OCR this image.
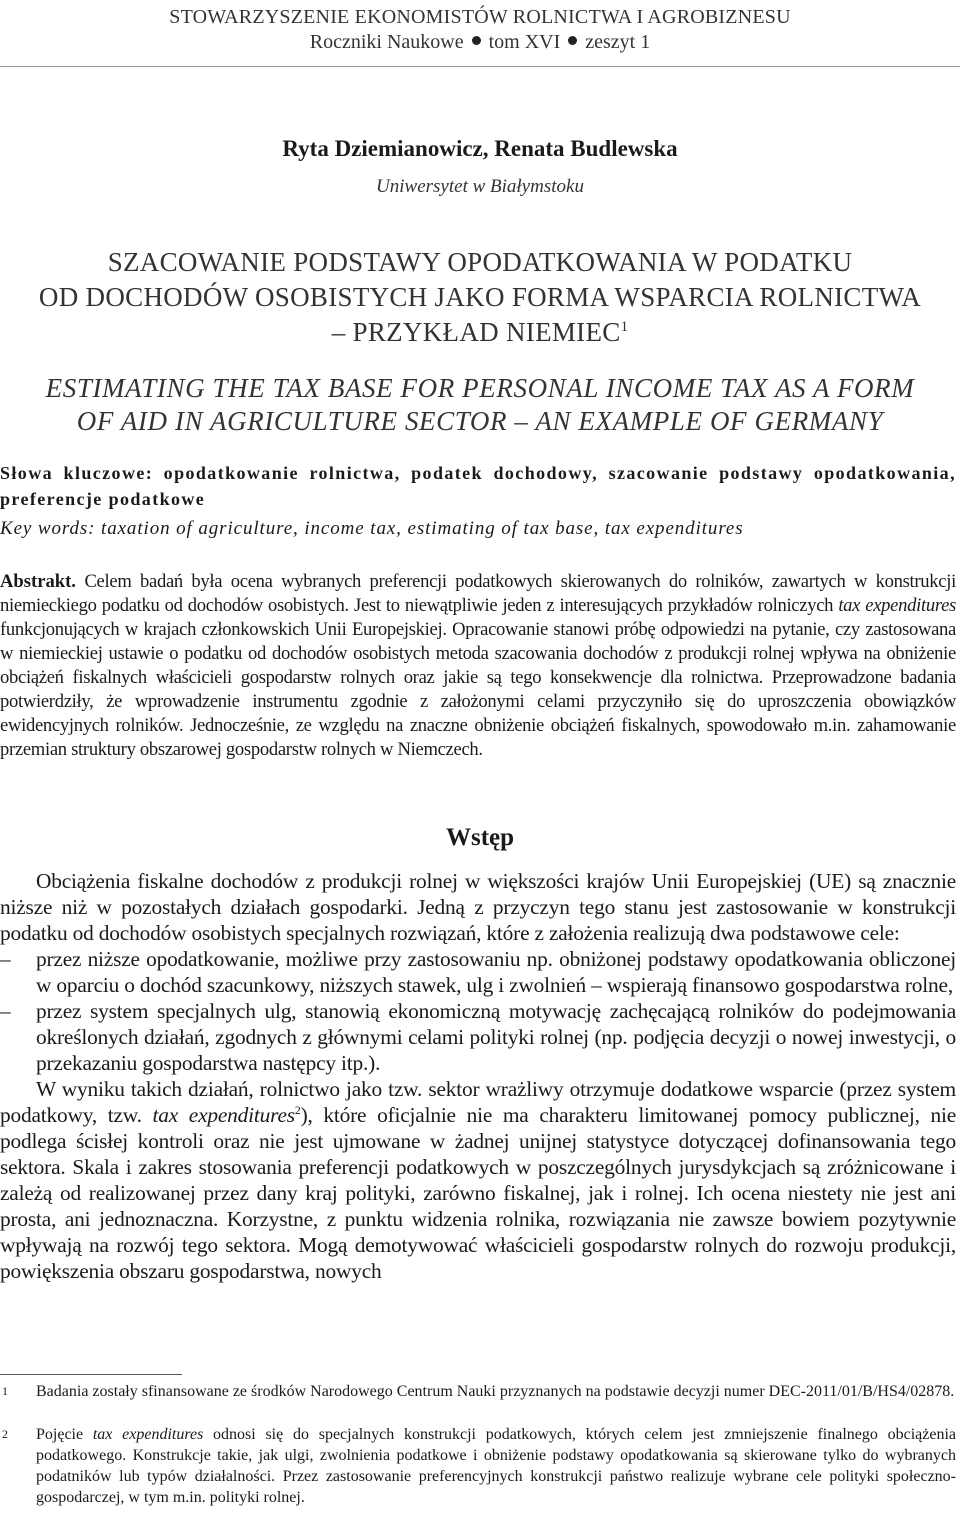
STOWARZYSZENIE EKONOMISTÓW ROLNICTWA I AGROBIZNESU
Roczniki Naukowe tom XVI zeszyt 1
Ryta Dziemianowicz, Renata Budlewska
Uniwersytet w Białymstoku
SZACOWANIE PODSTAWY OPODATKOWANIA W PODATKU
OD DOCHODÓW OSOBISTYCH JAKO FORMA WSPARCIA ROLNICTWA
– PRZYKŁAD NIEMIEC$^1$
ESTIMATING THE TAX BASE FOR PERSONAL INCOME TAX AS A FORM
OF AID IN AGRICULTURE SECTOR – AN EXAMPLE OF GERMANY
Słowa kluczowe: opodatkowanie rolnictwa, podatek dochodowy, szacowanie podstawy opodatkowania, preferencje podatkowe
Key words: taxation of agriculture, income tax, estimating of tax base, tax expenditures
Abstrakt. Celem badań była ocena wybranych preferencji podatkowych skierowanych do rolników, zawartych w konstrukcji niemieckiego podatku od dochodów osobistych. Jest to niewątpliwie jeden z interesujących przykładów rolniczych tax expenditures funkcjonujących w krajach członkowskich Unii Europejskiej. Opracowanie stanowi próbę odpowiedzi na pytanie, czy zastosowana w niemieckiej ustawie o podatku od dochodów osobistych metoda szacowania dochodów z produkcji rolnej wpływa na obniżenie obciążeń fiskalnych właścicieli gospodarstw rolnych oraz jakie są tego konsekwencje dla rolnictwa. Przeprowadzone badania potwierdziły, że wprowadzenie instrumentu zgodnie z założonymi celami przyczyniło się do uproszczenia obowiązków ewidencyjnych rolników. Jednocześnie, ze względu na znaczne obniżenie obciążeń fiskalnych, spowodowało m.in. zahamowanie przemian struktury obszarowej gospodarstw rolnych w Niemczech.
Wstęp

Obciążenia fiskalne dochodów z produkcji rolnej w większości krajów Unii Europejskiej (UE) są znacznie niższe niż w pozostałych działach gospodarki. Jedną z przyczyn tego stanu jest zastosowanie w konstrukcji podatku od dochodów osobistych specjalnych rozwiązań, które z założenia realizują dwa podstawowe cele:

– przez niższe opodatkowanie, możliwe przy zastosowaniu np. obniżonej podstawy opodatkowania obliczonej w oparciu o dochód szacunkowy, niższych stawek, ulg i zwolnień – wspierają finansowo gospodarstwa rolne,

– przez system specjalnych ulg, stanowią ekonomiczną motywację zachęcającą rolników do podejmowania określonych działań, zgodnych z głównymi celami polityki rolnej (np. podjęcia decyzji o nowej inwestycji, o przekazaniu gospodarstwa następcy itp.).

W wyniku takich działań, rolnictwo jako tzw. sektor wrażliwy otrzymuje dodatkowe wsparcie (przez system podatkowy, tzw. tax expenditures$^2$), które oficjalnie nie ma charakteru limitowanej pomocy publicznej, nie podlega ścisłej kontroli oraz nie jest ujmowane w żadnej unijnej statystyce dotyczącej dofinansowania tego sektora. Skala i zakres stosowania preferencji podatkowych w poszczególnych jurysdykcjach są zróżnicowane i zależą od realizowanej przez dany kraj polityki, zarówno fiskalnej, jak i rolnej. Ich ocena niestety nie jest ani prosta, ani jednoznaczna. Korzystne, z punktu widzenia rolnika, rozwiązania nie zawsze bowiem pozytywnie wpływają na rozwój tego sektora. Mogą demotywować właścicieli gospodarstw rolnych do rozwoju produkcji, powiększenia obszaru gospodarstwa, nowych

1 Badania zostały sfinansowane ze środków Narodowego Centrum Nauki przyznanych na podstawie decyzji numer DEC-2011/01/B/HS4/02878.
2 Pojęcie tax expenditures odnosi się do specjalnych konstrukcji podatkowych, których celem jest zmniejszenie finalnego obciążenia podatkowego. Konstrukcje takie, jak ulgi, zwolnienia podatkowe i obniżenie podstawy opodatkowania są skierowane tylko do wybranych podatników lub typów działalności. Przez zastosowanie preferencyjnych konstrukcji państwo realizuje wybrane cele polityki społeczno-gospodarczej, w tym m.in. polityki rolnej.
